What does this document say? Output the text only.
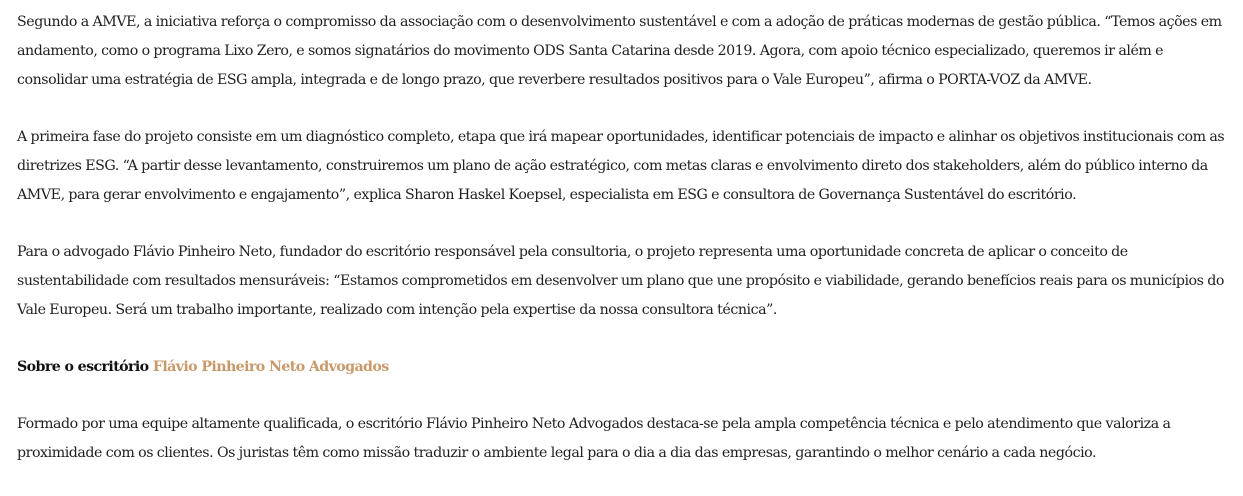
Segundo a AMVE, a iniciativa reforça o compromisso da associação com o desenvolvimento sustentável e com a adoção de práticas modernas de gestão pública. “Temos ações em andamento, como o programa Lixo Zero, e somos signatários do movimento ODS Santa Catarina desde 2019. Agora, com apoio técnico especializado, queremos ir além e consolidar uma estratégia de ESG ampla, integrada e de longo prazo, que reverbere resultados positivos para o Vale Europeu”, afirma o PORTA-VOZ da AMVE.

A primeira fase do projeto consiste em um diagnóstico completo, etapa que irá mapear oportunidades, identificar potenciais de impacto e alinhar os objetivos institucionais com as diretrizes ESG. “A partir desse levantamento, construiremos um plano de ação estratégico, com metas claras e envolvimento direto dos stakeholders, além do público interno da AMVE, para gerar envolvimento e engajamento”, explica Sharon Haskel Koepsel, especialista em ESG e consultora de Governança Sustentável do escritório.

Para o advogado Flávio Pinheiro Neto, fundador do escritório responsável pela consultoria, o projeto representa uma oportunidade concreta de aplicar o conceito de sustentabilidade com resultados mensuráveis: “Estamos comprometidos em desenvolver um plano que une propósito e viabilidade, gerando benefícios reais para os municípios do Vale Europeu. Será um trabalho importante, realizado com intenção pela expertise da nossa consultora técnica”.

Sobre o escritório Flávio Pinheiro Neto Advogados

Formado por uma equipe altamente qualificada, o escritório Flávio Pinheiro Neto Advogados destaca-se pela ampla competência técnica e pelo atendimento que valoriza a proximidade com os clientes. Os juristas têm como missão traduzir o ambiente legal para o dia a dia das empresas, garantindo o melhor cenário a cada negócio.
